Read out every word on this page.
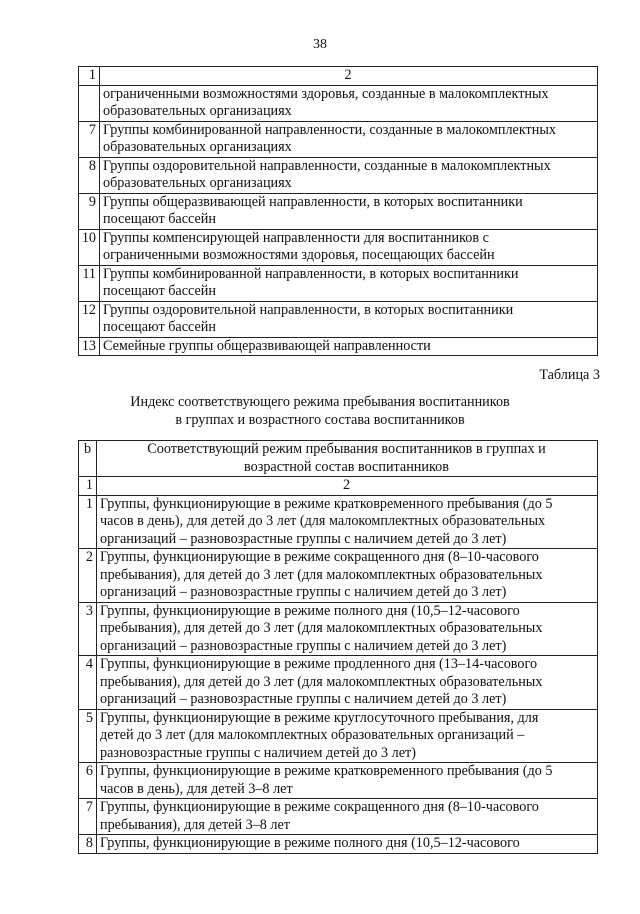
38
1	2

	ограниченными возможностями здоровья, созданные в малокомплектных
образовательных организациях

7	Группы комбинированной направленности, созданные в малокомплектных
образовательных организациях

8	Группы оздоровительной направленности, созданные в малокомплектных
образовательных организациях

9	Группы общеразвивающей направленности, в которых воспитанники
посещают бассейн

10	Группы компенсирующей направленности для воспитанников с
ограниченными возможностями здоровья, посещающих бассейн

11	Группы комбинированной направленности, в которых воспитанники
посещают бассейн

12	Группы оздоровительной направленности, в которых воспитанники
посещают бассейн

13	Семейные группы общеразвивающей направленности
Таблица 3
Индекс соответствующего режима пребывания воспитанников
в группах и возрастного состава воспитанников
b	Соответствующий режим пребывания воспитанников в группах и
возрастной состав воспитанников

1	2
1	Группы, функционирующие в режиме кратковременного пребывания (до 5
часов в день), для детей до 3 лет (для малокомплектных образовательных
организаций – разновозрастные группы с наличием детей до 3 лет)

2	Группы, функционирующие в режиме сокращенного дня (8–10-часового
пребывания), для детей до 3 лет (для малокомплектных образовательных
организаций – разновозрастные группы с наличием детей до 3 лет)

3	Группы, функционирующие в режиме полного дня (10,5–12-часового
пребывания), для детей до 3 лет (для малокомплектных образовательных
организаций – разновозрастные группы с наличием детей до 3 лет)

4	Группы, функционирующие в режиме продленного дня (13–14-часового
пребывания), для детей до 3 лет (для малокомплектных образовательных
организаций – разновозрастные группы с наличием детей до 3 лет)

5	Группы, функционирующие в режиме круглосуточного пребывания, для
детей до 3 лет (для малокомплектных образовательных организаций –
разновозрастные группы с наличием детей до 3 лет)

6	Группы, функционирующие в режиме кратковременного пребывания (до 5
часов в день), для детей 3–8 лет

7	Группы, функционирующие в режиме сокращенного дня (8–10-часового
пребывания), для детей 3–8 лет

8	Группы, функционирующие в режиме полного дня (10,5–12-часового
